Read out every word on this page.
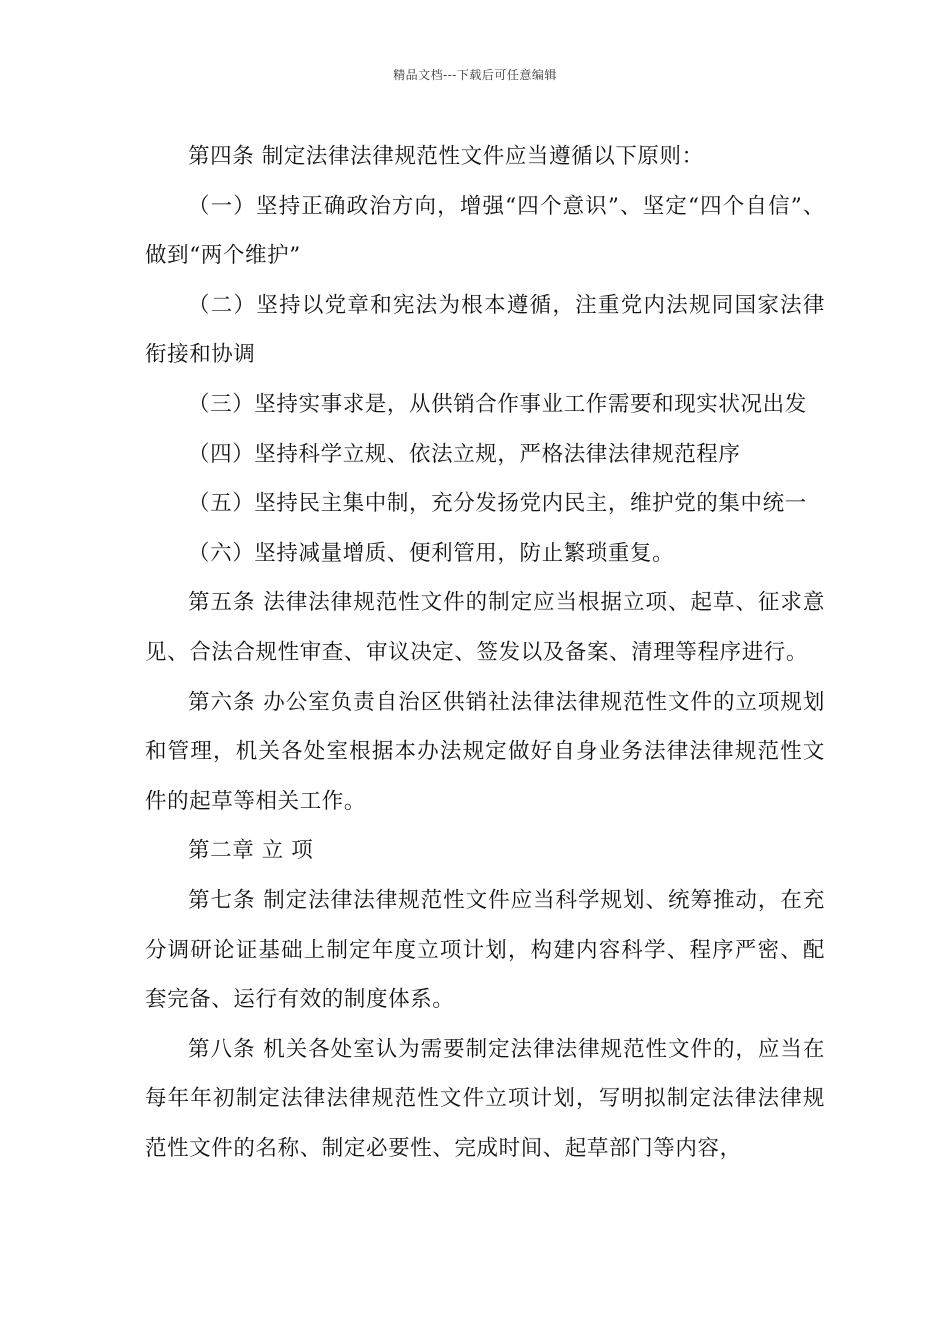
精品文档---下载后可任意编辑

第四条 制定法律法律规范性文件应当遵循以下原则：

（一）坚持正确政治方向，增强“四个意识”、坚定“四个自信”、做到“两个维护”

（二）坚持以党章和宪法为根本遵循，注重党内法规同国家法律衔接和协调

（三）坚持实事求是，从供销合作事业工作需要和现实状况出发

（四）坚持科学立规、依法立规，严格法律法律规范程序

（五）坚持民主集中制，充分发扬党内民主，维护党的集中统一

（六）坚持减量增质、便利管用，防止繁琐重复。

第五条 法律法律规范性文件的制定应当根据立项、起草、征求意见、合法合规性审查、审议决定、签发以及备案、清理等程序进行。

第六条 办公室负责自治区供销社法律法律规范性文件的立项规划和管理，机关各处室根据本办法规定做好自身业务法律法律规范性文件的起草等相关工作。

第二章 立 项

第七条 制定法律法律规范性文件应当科学规划、统筹推动，在充分调研论证基础上制定年度立项计划，构建内容科学、程序严密、配套完备、运行有效的制度体系。

第八条 机关各处室认为需要制定法律法律规范性文件的，应当在每年年初制定法律法律规范性文件立项计划，写明拟制定法律法律规范性文件的名称、制定必要性、完成时间、起草部门等内容，
